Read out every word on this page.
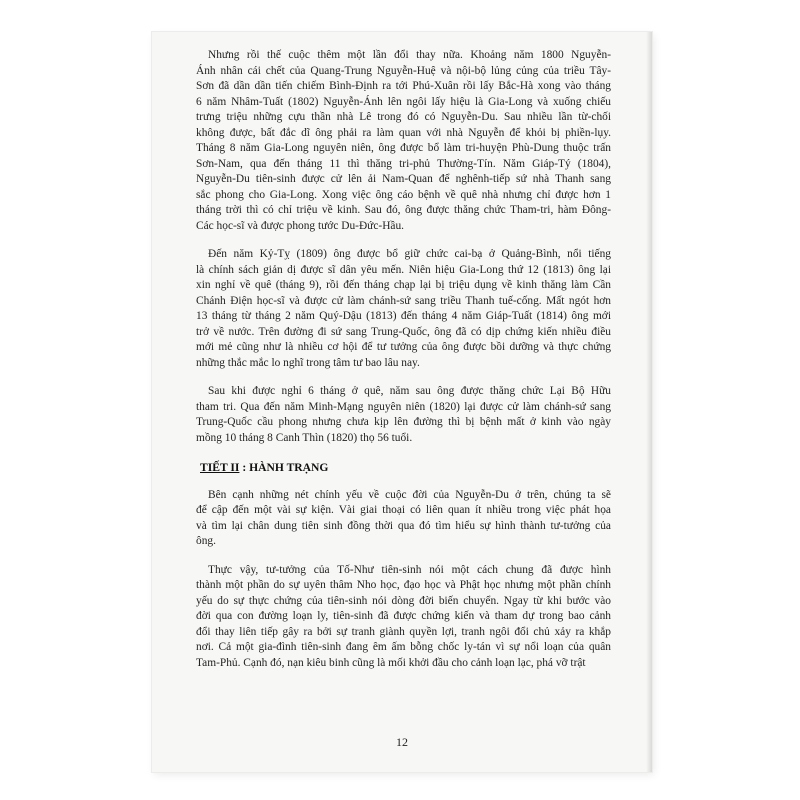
Nhưng rồi thế cuộc thêm một lần đổi thay nữa. Khoảng năm 1800 Nguyễn-
Ánh nhân cái chết của Quang-Trung Nguyễn-Huệ và nội-bộ lủng củng của triều Tây-
Sơn đã dần dần tiến chiếm Bình-Định ra tới Phú-Xuân rồi lấy Bắc-Hà xong vào tháng
6 năm Nhâm-Tuất (1802) Nguyễn-Ánh lên ngôi lấy hiệu là Gia-Long và xuống chiếu
trưng triệu những cựu thần nhà Lê trong đó có Nguyễn-Du. Sau nhiều lần từ-chối
không được, bất đắc dĩ ông phải ra làm quan với nhà Nguyễn để khỏi bị phiền-lụy.
Tháng 8 năm Gia-Long nguyên niên, ông được bổ làm tri-huyện Phù-Dung thuộc trấn
Sơn-Nam, qua đến tháng 11 thì thăng tri-phủ Thường-Tín. Năm Giáp-Tý (1804),
Nguyễn-Du tiên-sinh được cử lên ải Nam-Quan để nghênh-tiếp sứ nhà Thanh sang
sắc phong cho Gia-Long. Xong việc ông cáo bệnh về quê nhà nhưng chỉ được hơn 1
tháng trời thì có chỉ triệu về kinh. Sau đó, ông được thăng chức Tham-tri, hàm Đông-
Các học-sĩ và được phong tước Du-Đức-Hầu.

Đến năm Kỷ-Tỵ (1809) ông được bổ giữ chức cai-bạ ở Quảng-Bình, nổi tiếng
là chính sách giản dị được sĩ dân yêu mến. Niên hiệu Gia-Long thứ 12 (1813) ông lại
xin nghỉ về quê (tháng 9), rồi đến tháng chạp lại bị triệu dụng về kinh thăng làm Cần
Chánh Điện học-sĩ và được cử làm chánh-sứ sang triều Thanh tuế-cống. Mất ngót hơn
13 tháng từ tháng 2 năm Quý-Dậu (1813) đến tháng 4 năm Giáp-Tuất (1814) ông mới
trở về nước. Trên đường đi sứ sang Trung-Quốc, ông đã có dịp chứng kiến nhiều điều
mới mẻ cũng như là nhiều cơ hội để tư tưởng của ông được bồi dưỡng và thực chứng
những thắc mắc lo nghĩ trong tâm tư bao lâu nay.

Sau khi được nghỉ 6 tháng ở quê, năm sau ông được thăng chức Lại Bộ Hữu
tham tri. Qua đến năm Minh-Mạng nguyên niên (1820) lại được cử làm chánh-sứ sang
Trung-Quốc cầu phong nhưng chưa kịp lên đường thì bị bệnh mất ở kinh vào ngày
mồng 10 tháng 8 Canh Thìn (1820) thọ 56 tuổi.

TIẾT II : HÀNH TRẠNG

Bên cạnh những nét chính yếu về cuộc đời của Nguyễn-Du ở trên, chúng ta sẽ
để cập đến một vài sự kiện. Vài giai thoại có liên quan ít nhiều trong việc phát họa
và tìm lại chân dung tiên sinh đồng thời qua đó tìm hiểu sự hình thành tư-tưởng của
ông.

Thực vậy, tư-tưởng của Tố-Như tiên-sinh nói một cách chung đã được hình
thành một phần do sự uyên thâm Nho học, đạo học và Phật học nhưng một phần chính
yếu do sự thực chứng của tiên-sinh nói dòng đời biến chuyển. Ngay từ khi bước vào
đời qua con đường loạn ly, tiên-sinh đã được chứng kiến và tham dự trong bao cảnh
đổi thay liên tiếp gây ra bởi sự tranh giành quyền lợi, tranh ngôi đổi chủ xảy ra khắp
nơi. Cả một gia-đình tiên-sinh đang êm ấm bỗng chốc ly-tán vì sự nổi loạn của quân
Tam-Phủ. Cạnh đó, nạn kiêu binh cũng là mối khởi đầu cho cảnh loạn lạc, phá vỡ trật

12
